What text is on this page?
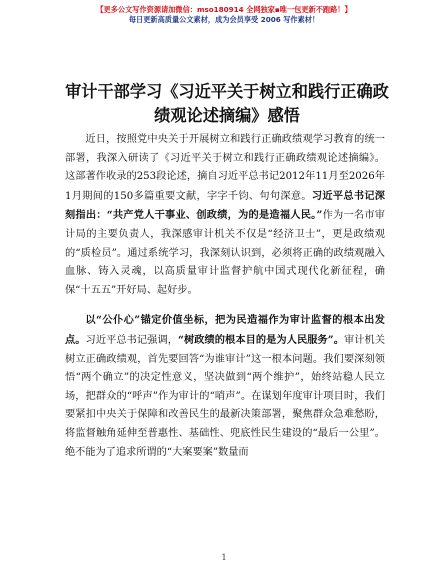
【更多公文写作资源请加微信：mso180914 全网独家▪唯一包更新不跑路！】
每日更新高质量公文素材，成为会员享受 2006 写作素材！
审计干部学习《习近平关于树立和践行正确政绩观论述摘编》感悟

近日，按照党中央关于开展树立和践行正确政绩观学习教育的统一部署，我深入研读了《习近平关于树立和践行正确政绩观论述摘编》。这部著作收录的253段论述，摘自习近平总书记2012年11月至2026年1月期间的150多篇重要文献，字字千钧、句句深意。习近平总书记深刻指出：“共产党人干事业、创政绩，为的是造福人民。”作为一名市审计局的主要负责人，我深感审计机关不仅是“经济卫士”，更是政绩观的“质检员”。通过系统学习，我深刻认识到，必须将正确的政绩观融入血脉、铸入灵魂，以高质量审计监督护航中国式现代化新征程，确保“十五五”开好局、起好步。

以“公仆心”锚定价值坐标，把为民造福作为审计监督的根本出发点。习近平总书记强调，“树政绩的根本目的是为人民服务”。审计机关树立正确政绩观，首先要回答“为谁审计”这一根本问题。我们要深刻领悟“两个确立”的决定性意义，坚决做到“两个维护”，始终站稳人民立场，把群众的“呼声”作为审计的“哨声”。在谋划年度审计项目时，我们要紧扣中央关于保障和改善民生的最新决策部署，聚焦群众急难愁盼，将监督触角延伸至普惠性、基础性、兜底性民生建设的“最后一公里”。绝不能为了追求所谓的“大案要案”数量而

1
